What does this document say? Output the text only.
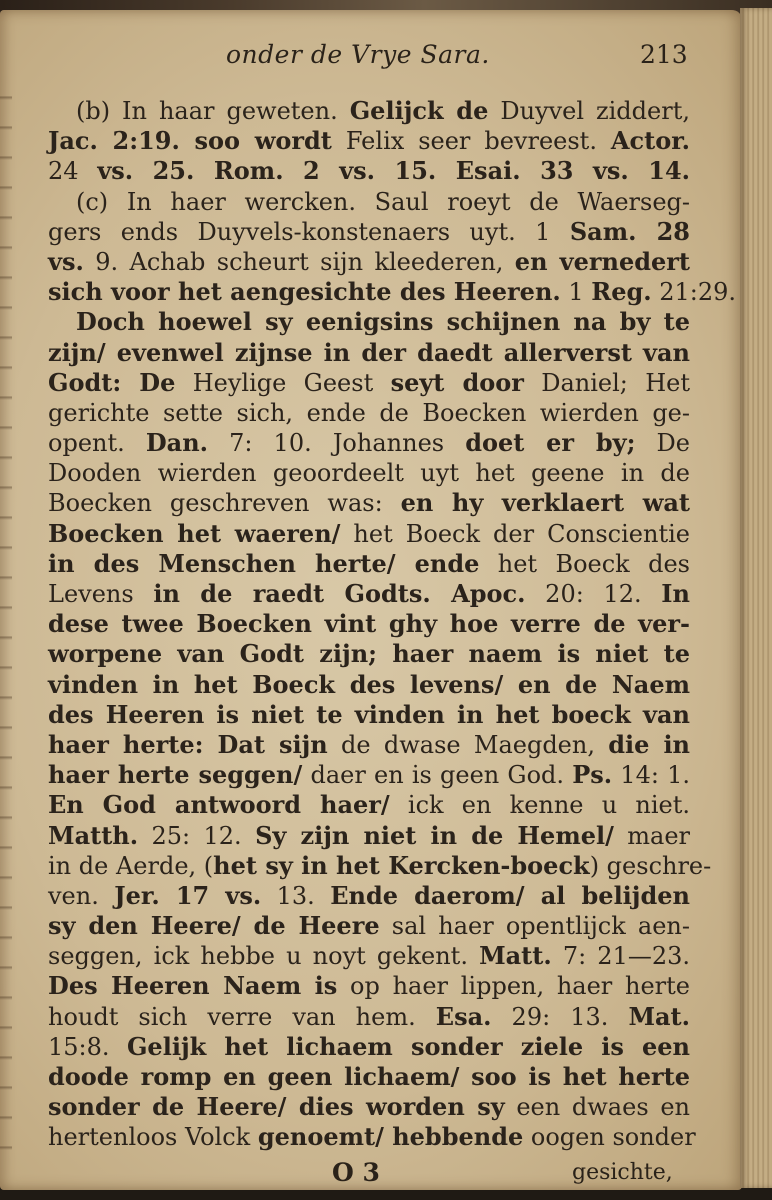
onder de Vrye Sara.	213
(b) In haar geweten. Gelijck de Duyvel ziddert,
Jac. 2:19. soo wordt Felix seer bevreest. Actor.
24 vs. 25. Rom. 2 vs. 15. Esai. 33 vs. 14.
(c) In haer wercken. Saul roeyt de Waerseg-
gers ends Duyvels-konstenaers uyt. 1 Sam. 28
vs. 9. Achab scheurt sijn kleederen, en vernedert
sich voor het aengesichte des Heeren. 1 Reg. 21:29.
Doch hoewel sy eenigsins schijnen na by te
zijn/ evenwel zijnse in der daedt allerverst van
Godt: De Heylige Geest seyt door Daniel; Het
gerichte sette sich, ende de Boecken wierden ge-
opent. Dan. 7: 10. Johannes doet er by; De
Dooden wierden geoordeelt uyt het geene in de
Boecken geschreven was: en hy verklaert wat
Boecken het waeren/ het Boeck der Conscientie
in des Menschen herte/ ende het Boeck des
Levens in de raedt Godts. Apoc. 20: 12. In
dese twee Boecken vint ghy hoe verre de ver-
worpene van Godt zijn; haer naem is niet te
vinden in het Boeck des levens/ en de Naem
des Heeren is niet te vinden in het boeck van
haer herte: Dat sijn de dwase Maegden, die in
haer herte seggen/ daer en is geen God. Ps. 14: 1.
En God antwoord haer/ ick en kenne u niet.
Matth. 25: 12. Sy zijn niet in de Hemel/ maer
in de Aerde, (het sy in het Kercken-boeck) geschre-
ven. Jer. 17 vs. 13. Ende daerom/ al belijden
sy den Heere/ de Heere sal haer opentlijck aen-
seggen, ick hebbe u noyt gekent. Matt. 7: 21—23.
Des Heeren Naem is op haer lippen, haer herte
houdt sich verre van hem. Esa. 29: 13. Mat.
15:8. Gelijk het lichaem sonder ziele is een
doode romp en geen lichaem/ soo is het herte
sonder de Heere/ dies worden sy een dwaes en
hertenloos Volck genoemt/ hebbende oogen sonder
O 3	gesichte,
